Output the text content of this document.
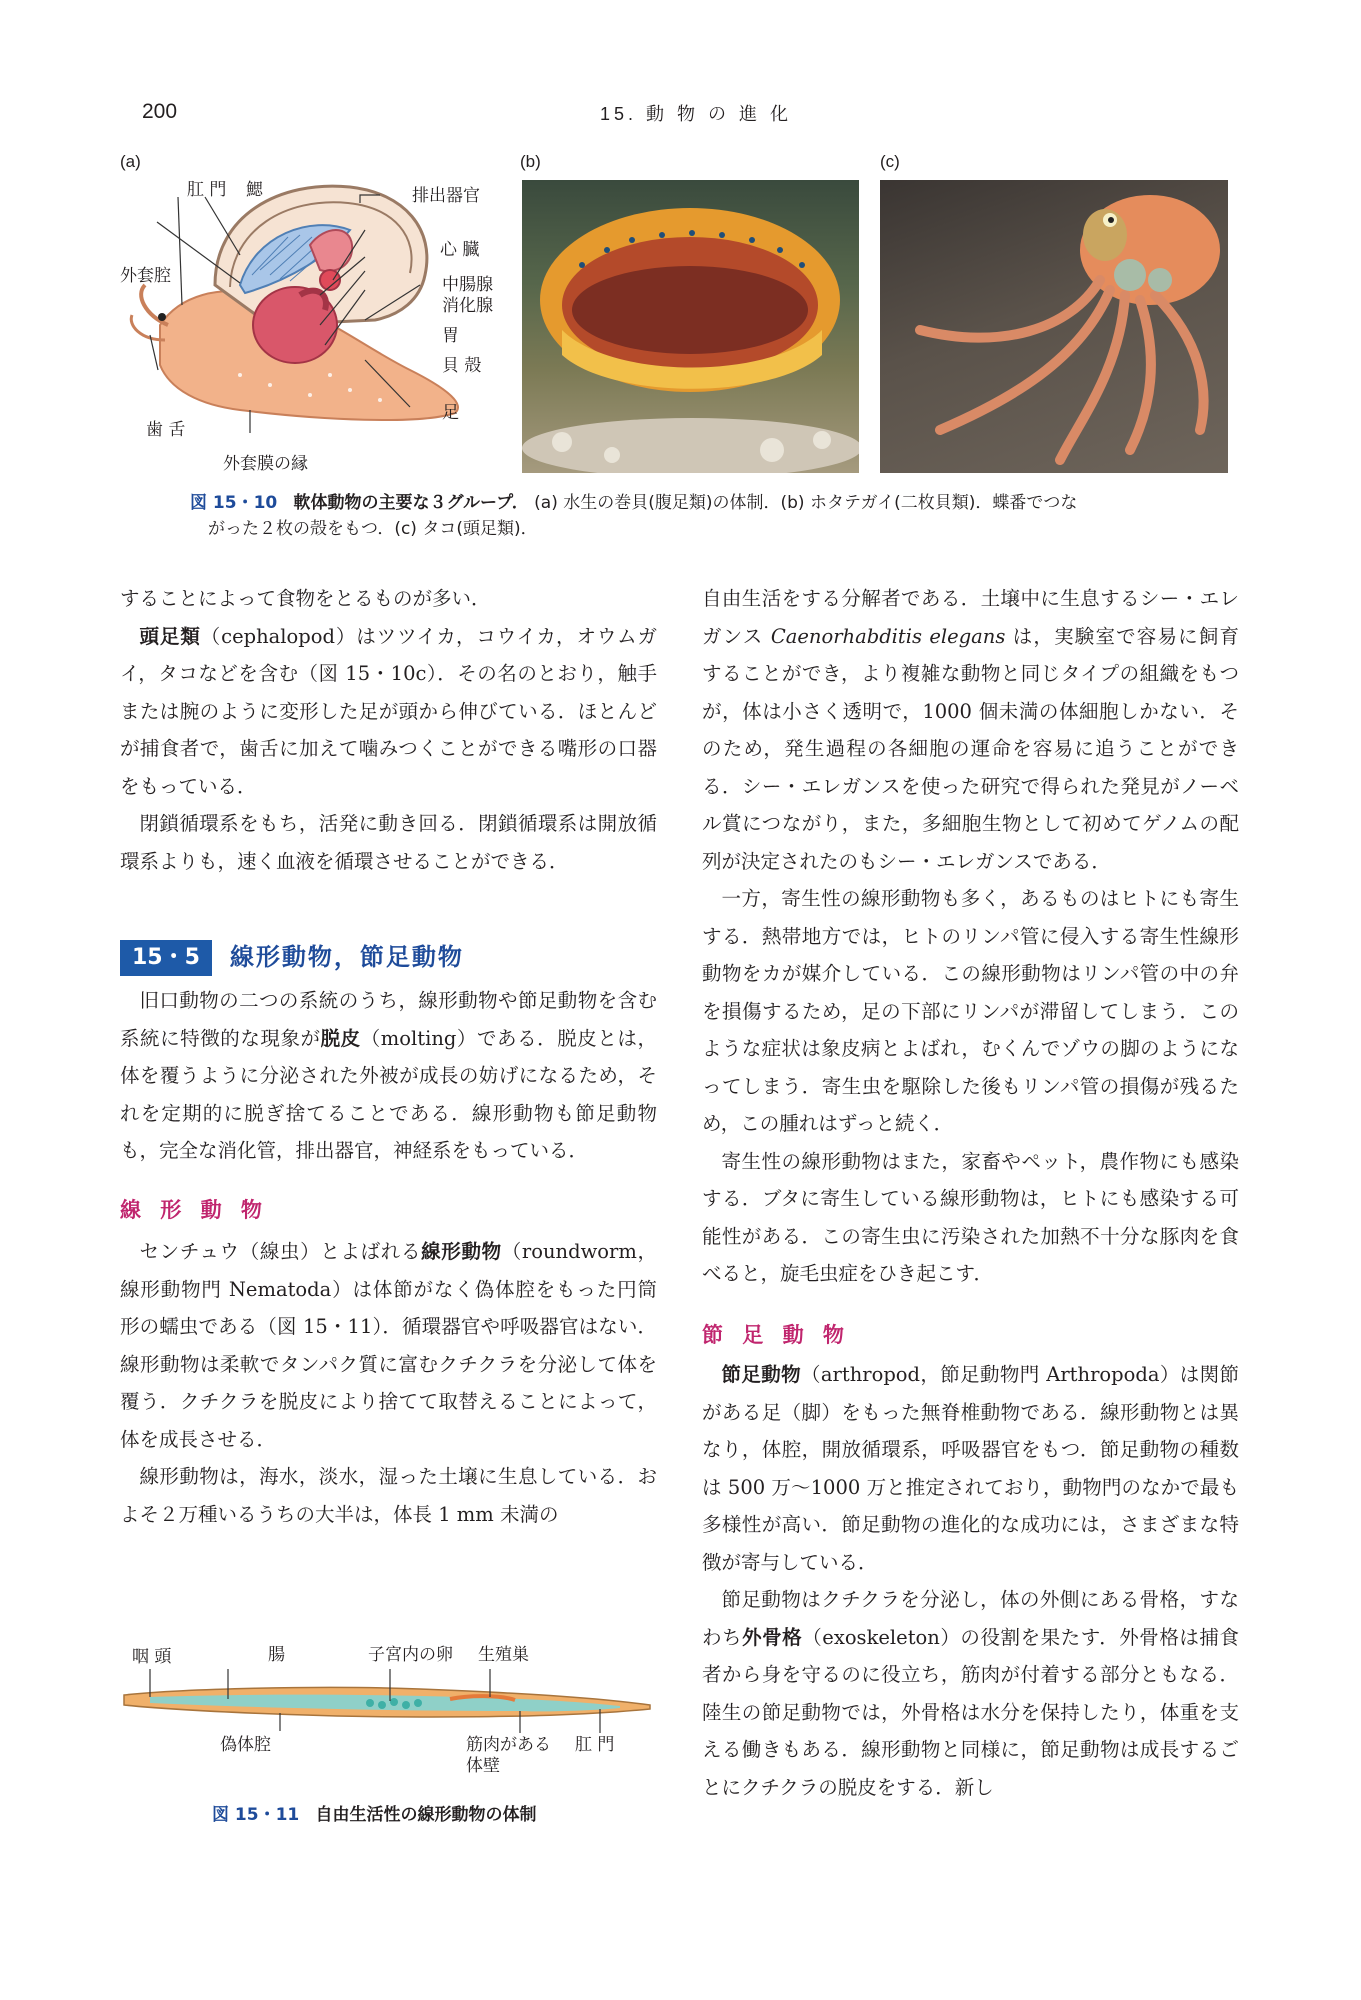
200	15. 動 物 の 進 化
(a)	(b)	(c)
肛 門 鰓	排出器官
外套腔
心 臓
中腸腺
消化腺
胃
貝 殻
足
歯 舌
外套膜の縁
図 15・10 軟体動物の主要な３グループ． (a) 水生の巻貝(腹足類)の体制．(b) ホタテガイ(二枚貝類)．蝶番でつな
がった２枚の殻をもつ．(c) タコ(頭足類)．

することによって食物をとるものが多い．

頭足類（cephalopod）はツツイカ，コウイカ，オウムガイ，タコなどを含む（図 15・10c）．その名のとおり，触手または腕のように変形した足が頭から伸びている．ほとんどが捕食者で，歯舌に加えて噛みつくことができる嘴形の口器をもっている．

閉鎖循環系をもち，活発に動き回る．閉鎖循環系は開放循環系よりも，速く血液を循環させることができる．

15・5	線形動物，節足動物

旧口動物の二つの系統のうち，線形動物や節足動物を含む系統に特徴的な現象が脱皮（molting）である．脱皮とは，体を覆うように分泌された外被が成長の妨げになるため，それを定期的に脱ぎ捨てることである．線形動物も節足動物も，完全な消化管，排出器官，神経系をもっている．

線 形 動 物

センチュウ（線虫）とよばれる線形動物（roundworm，線形動物門 Nematoda）は体節がなく偽体腔をもった円筒形の蠕虫である（図 15・11）．循環器官や呼吸器官はない．線形動物は柔軟でタンパク質に富むクチクラを分泌して体を覆う．クチクラを脱皮により捨てて取替えることによって，体を成長させる．

線形動物は，海水，淡水，湿った土壌に生息している．およそ２万種いるうちの大半は，体長 1 mm 未満の

咽 頭	腸	子宮内の卵 生殖巣
偽体腔	筋肉がある
体壁
肛 門
図 15・11 自由生活性の線形動物の体制

自由生活をする分解者である．土壌中に生息するシー・エレガンス Caenorhabditis elegans は，実験室で容易に飼育することができ，より複雑な動物と同じタイプの組織をもつが，体は小さく透明で，1000 個未満の体細胞しかない．そのため，発生過程の各細胞の運命を容易に追うことができる．シー・エレガンスを使った研究で得られた発見がノーベル賞につながり，また，多細胞生物として初めてゲノムの配列が決定されたのもシー・エレガンスである．

一方，寄生性の線形動物も多く，あるものはヒトにも寄生する．熱帯地方では，ヒトのリンパ管に侵入する寄生性線形動物をカが媒介している．この線形動物はリンパ管の中の弁を損傷するため，足の下部にリンパが滞留してしまう．このような症状は象皮病とよばれ，むくんでゾウの脚のようになってしまう．寄生虫を駆除した後もリンパ管の損傷が残るため，この腫れはずっと続く．

寄生性の線形動物はまた，家畜やペット，農作物にも感染する．ブタに寄生している線形動物は，ヒトにも感染する可能性がある．この寄生虫に汚染された加熱不十分な豚肉を食べると，旋毛虫症をひき起こす．

節 足 動 物

節足動物（arthropod，節足動物門 Arthropoda）は関節がある足（脚）をもった無脊椎動物である．線形動物とは異なり，体腔，開放循環系，呼吸器官をもつ．節足動物の種数は 500 万～1000 万と推定されており，動物門のなかで最も多様性が高い．節足動物の進化的な成功には，さまざまな特徴が寄与している．

節足動物はクチクラを分泌し，体の外側にある骨格，すなわち外骨格（exoskeleton）の役割を果たす．外骨格は捕食者から身を守るのに役立ち，筋肉が付着する部分ともなる．陸生の節足動物では，外骨格は水分を保持したり，体重を支える働きもある．線形動物と同様に，節足動物は成長するごとにクチクラの脱皮をする．新し
